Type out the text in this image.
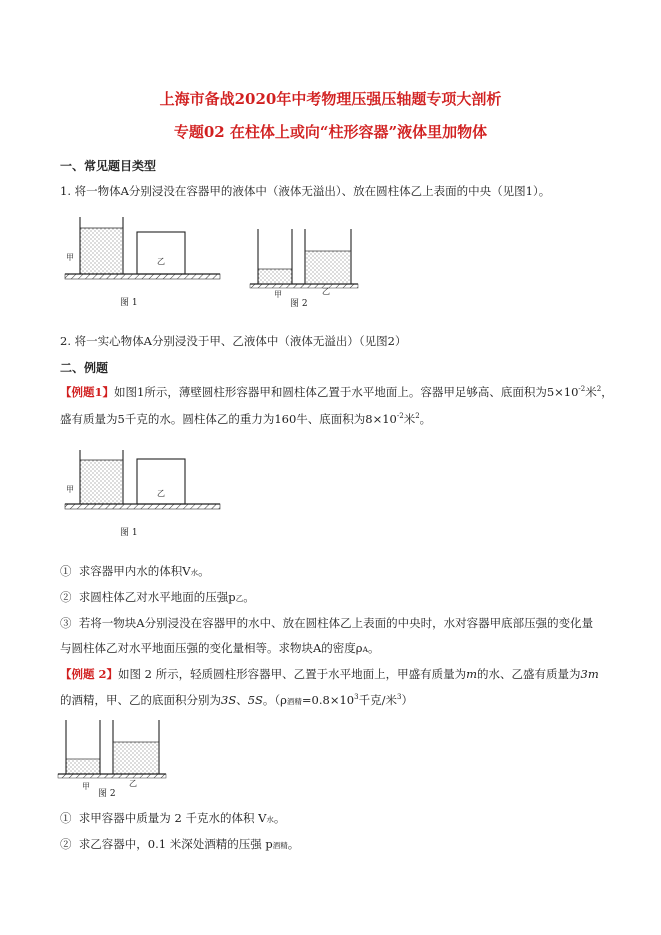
上海市备战2020年中考物理压强压轴题专项大剖析
专题02 在柱体上或向“柱形容器”液体里加物体
一、常见题目类型
1. 将一物体A分别浸没在容器甲的液体中（液体无溢出）、放在圆柱体乙上表面的中央（见图1）。
甲	乙
图 1
甲	乙
图 2
2. 将一实心物体A分别浸没于甲、乙液体中（液体无溢出）（见图2）
二、例题
【例题1】如图1所示，薄壁圆柱形容器甲和圆柱体乙置于水平地面上。容器甲足够高、底面积为$5\times 10^{-2}$米$^2$，
盛有质量为5千克的水。圆柱体乙的重力为160牛、底面积为$8\times 10^{-2}$米$^2$。
甲	乙
图 1
① 求容器甲内水的体积V水。
② 求圆柱体乙对水平地面的压强p乙。
③ 若将一物块A分别浸没在容器甲的水中、放在圆柱体乙上表面的中央时，水对容器甲底部压强的变化量
与圆柱体乙对水平地面压强的变化量相等。求物块A的密度ρA。
【例题 2】如图 2 所示，轻质圆柱形容器甲、乙置于水平地面上，甲盛有质量为m的水、乙盛有质量为3m
的酒精，甲、乙的底面积分别为3S、5S。（ρ酒精$=0.8\times 10^3$千克/米$^3$）
甲	乙
图 2
① 求甲容器中质量为 2 千克水的体积 V水。
② 求乙容器中，0.1 米深处酒精的压强 p酒精。
